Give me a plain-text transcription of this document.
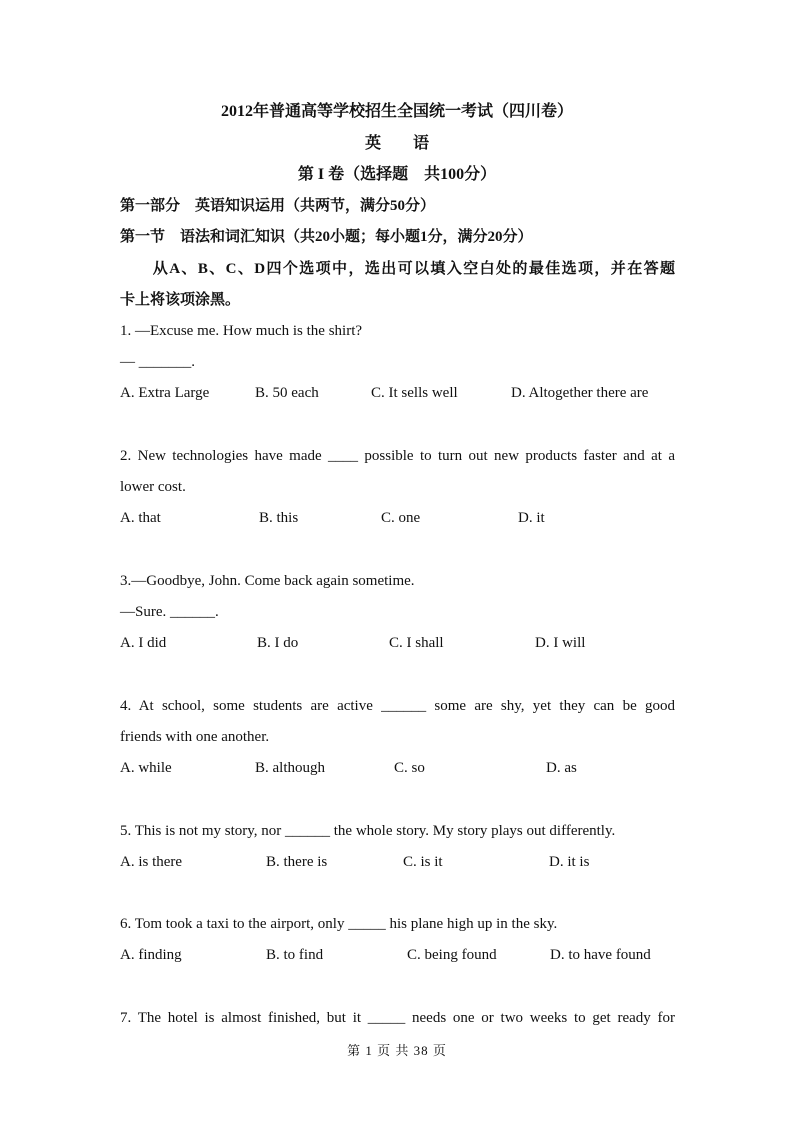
2012年普通高等学校招生全国统一考试（四川卷）
英　　语
第 I 卷（选择题　共100分）
第一部分　英语知识运用（共两节，满分50分）
第一节　语法和词汇知识（共20小题；每小题1分，满分20分）
　　从A、B、C、D四个选项中，选出可以填入空白处的最佳选项，并在答题
卡上将该项涂黑。
1. —Excuse me. How much is the shirt?
— _______.
A. Extra Large	B. 50 each	C. It sells well	D. Altogether there are
2. New technologies have made ____ possible to turn out new products faster and at a
lower cost.
A. that	B. this	C. one	D. it
3.—Goodbye, John. Come back again sometime.
—Sure. ______.
A. I did	B. I do	C. I shall	D. I will
4. At school, some students are active ______ some are shy, yet they can be good
friends with one another.
A. while	B. although	C. so	D. as
5. This is not my story, nor ______ the whole story. My story plays out differently.
A. is there	B. there is	C. is it	D. it is
6. Tom took a taxi to the airport, only _____ his plane high up in the sky.
A. finding	B. to find	C. being found	D. to have found
7. The hotel is almost finished, but it _____ needs one or two weeks to get ready for
第 1 页 共 38 页
